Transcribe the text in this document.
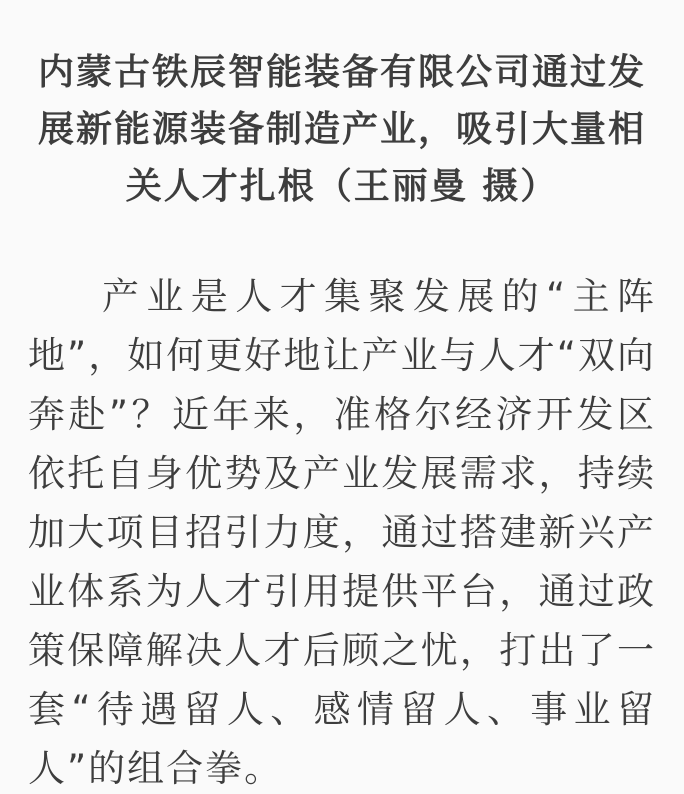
内蒙古铁辰智能装备有限公司通过发展新能源装备制造产业，吸引大量相关人才扎根（王丽曼 摄）

产业是人才集聚发展的“主阵地”，如何更好地让产业与人才“双向奔赴”？近年来，准格尔经济开发区依托自身优势及产业发展需求，持续加大项目招引力度，通过搭建新兴产业体系为人才引用提供平台，通过政策保障解决人才后顾之忧，打出了一套“待遇留人、感情留人、事业留人”的组合拳。
